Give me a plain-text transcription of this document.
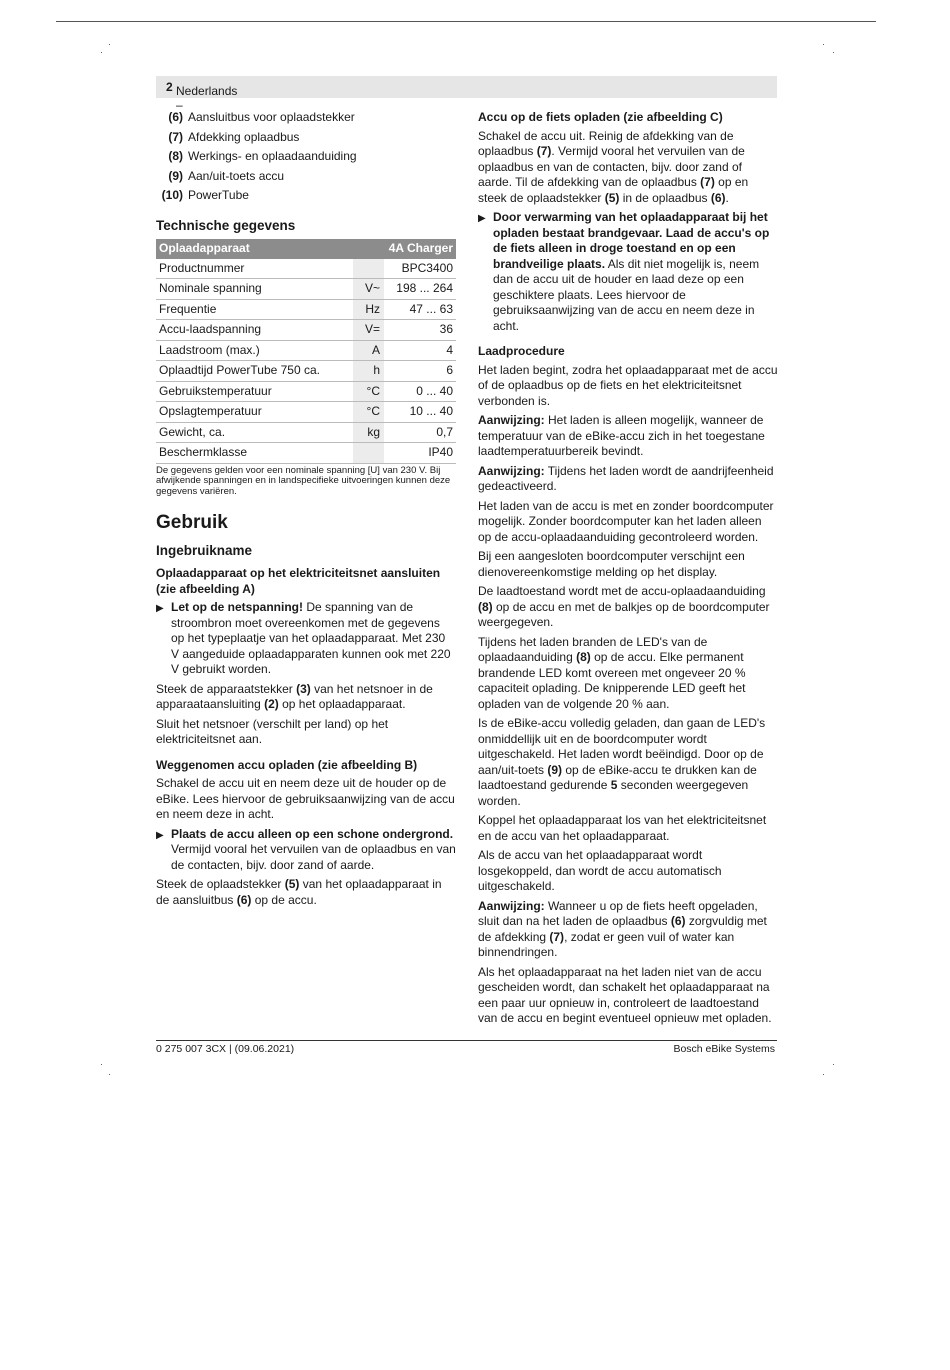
·
·
·
·
·
·
·
·
Nederlands –
2
(6) Aansluitbus voor oplaadstekker
(7) Afdekking oplaadbus
(8) Werkings- en oplaadaanduiding
(9) Aan/uit-toets accu
(10) PowerTube
Technische gegevens
Oplaadapparaat		4A Charger
Productnummer		BPC3400
Nominale spanning	V~	198 ... 264
Frequentie	Hz	47 ... 63
Accu-laadspanning	V=	36
Laadstroom (max.)	A	4
Oplaadtijd PowerTube 750 ca.	h	6
Gebruikstemperatuur	°C	0 ... 40
Opslagtemperatuur	°C	10 ... 40
Gewicht, ca.	kg	0,7
Beschermklasse		IP40

De gegevens gelden voor een nominale spanning [U] van 230 V. Bij afwijkende spanningen en in landspecifieke uitvoeringen kunnen deze gegevens variëren.

Gebruik
Ingebruikname
Oplaadapparaat op het elektriciteitsnet aansluiten (zie afbeelding A)
▶ Let op de netspanning! De spanning van de stroombron moet overeenkomen met de gegevens op het typeplaatje van het oplaadapparaat. Met 230 V aangeduide oplaadapparaten kunnen ook met 220 V gebruikt worden.

Steek de apparaatstekker (3) van het netsnoer in de apparaataansluiting (2) op het oplaadapparaat.

Sluit het netsnoer (verschilt per land) op het elektriciteitsnet aan.

Weggenomen accu opladen (zie afbeelding B)

Schakel de accu uit en neem deze uit de houder op de eBike. Lees hiervoor de gebruiksaanwijzing van de accu en neem deze in acht.

▶ Plaats de accu alleen op een schone ondergrond. Vermijd vooral het vervuilen van de oplaadbus en van de contacten, bijv. door zand of aarde.

Steek de oplaadstekker (5) van het oplaadapparaat in de aansluitbus (6) op de accu.

Accu op de fiets opladen (zie afbeelding C)

Schakel de accu uit. Reinig de afdekking van de oplaadbus (7). Vermijd vooral het vervuilen van de oplaadbus en van de contacten, bijv. door zand of aarde. Til de afdekking van de oplaadbus (7) op en steek de oplaadstekker (5) in de oplaadbus (6).

▶ Door verwarming van het oplaadapparaat bij het opladen bestaat brandgevaar. Laad de accu's op de fiets alleen in droge toestand en op een brandveilige plaats. Als dit niet mogelijk is, neem dan de accu uit de houder en laad deze op een geschiktere plaats. Lees hiervoor de gebruiksaanwijzing van de accu en neem deze in acht.
Laadprocedure

Het laden begint, zodra het oplaadapparaat met de accu of de oplaadbus op de fiets en het elektriciteitsnet verbonden is.

Aanwijzing: Het laden is alleen mogelijk, wanneer de temperatuur van de eBike-accu zich in het toegestane laadtemperatuurbereik bevindt.

Aanwijzing: Tijdens het laden wordt de aandrijfeenheid gedeactiveerd.

Het laden van de accu is met en zonder boordcomputer mogelijk. Zonder boordcomputer kan het laden alleen op de accu-oplaadaanduiding gecontroleerd worden.

Bij een aangesloten boordcomputer verschijnt een dienovereenkomstige melding op het display.

De laadtoestand wordt met de accu-oplaadaanduiding (8) op de accu en met de balkjes op de boordcomputer weergegeven.

Tijdens het laden branden de LED's van de oplaadaanduiding (8) op de accu. Elke permanent brandende LED komt overeen met ongeveer 20 % capaciteit oplading. De knipperende LED geeft het opladen van de volgende 20 % aan.

Is de eBike-accu volledig geladen, dan gaan de LED's onmiddellijk uit en de boordcomputer wordt uitgeschakeld. Het laden wordt beëindigd. Door op de aan/uit-toets (9) op de eBike-accu te drukken kan de laadtoestand gedurende 5 seconden weergegeven worden.

Koppel het oplaadapparaat los van het elektriciteitsnet en de accu van het oplaadapparaat.

Als de accu van het oplaadapparaat wordt losgekoppeld, dan wordt de accu automatisch uitgeschakeld.

Aanwijzing: Wanneer u op de fiets heeft opgeladen, sluit dan na het laden de oplaadbus (6) zorgvuldig met de afdekking (7), zodat er geen vuil of water kan binnendringen.

Als het oplaadapparaat na het laden niet van de accu gescheiden wordt, dan schakelt het oplaadapparaat na een paar uur opnieuw in, controleert de laadtoestand van de accu en begint eventueel opnieuw met opladen.

0 275 007 3CX | (09.06.2021)	Bosch eBike Systems
